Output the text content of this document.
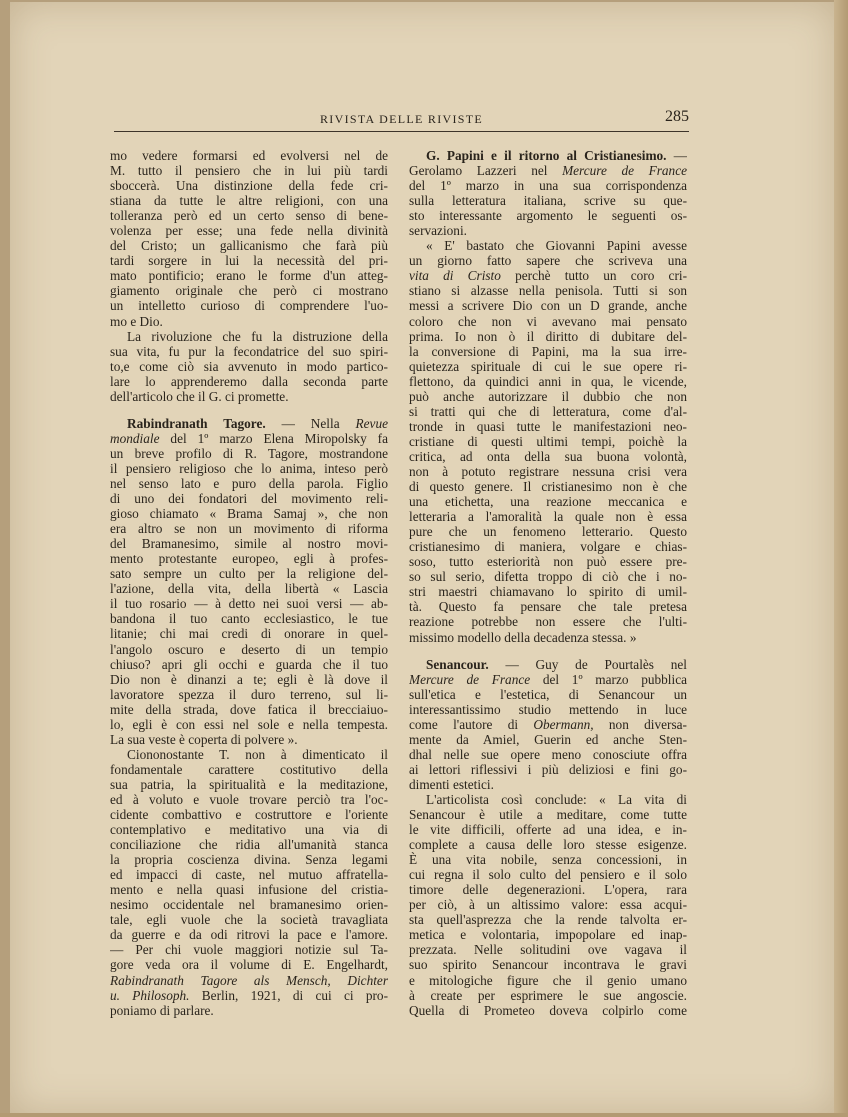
RIVISTA DELLE RIVISTE	285
mo vedere formarsi ed evolversi nel de
M. tutto il pensiero che in lui più tardi
sboccerà. Una distinzione della fede cri-
stiana da tutte le altre religioni, con una
tolleranza però ed un certo senso di bene-
volenza per esse; una fede nella divinità
del Cristo; un gallicanismo che farà più
tardi sorgere in lui la necessità del pri-
mato pontificio; erano le forme d'un atteg-
giamento originale che però ci mostrano
un intelletto curioso di comprendere l'uo-
mo e Dio.
La rivoluzione che fu la distruzione della
sua vita, fu pur la fecondatrice del suo spiri-
to,e come ciò sia avvenuto in modo partico-
lare lo apprenderemo dalla seconda parte
dell'articolo che il G. ci promette.
Rabindranath Tagore. — Nella Revue
mondiale del 1º marzo Elena Miropolsky fa
un breve profilo di R. Tagore, mostrandone
il pensiero religioso che lo anima, inteso però
nel senso lato e puro della parola. Figlio
di uno dei fondatori del movimento reli-
gioso chiamato « Brama Samaj », che non
era altro se non un movimento di riforma
del Bramanesimo, simile al nostro movi-
mento protestante europeo, egli à profes-
sato sempre un culto per la religione del-
l'azione, della vita, della libertà « Lascia
il tuo rosario — à detto nei suoi versi — ab-
bandona il tuo canto ecclesiastico, le tue
litanie; chi mai credi di onorare in quel-
l'angolo oscuro e deserto di un tempio
chiuso? apri gli occhi e guarda che il tuo
Dio non è dinanzi a te; egli è là dove il
lavoratore spezza il duro terreno, sul li-
mite della strada, dove fatica il brecciaiuo-
lo, egli è con essi nel sole e nella tempesta.
La sua veste è coperta di polvere ».
Ciononostante T. non à dimenticato il
fondamentale carattere costitutivo della
sua patria, la spiritualità e la meditazione,
ed à voluto e vuole trovare perciò tra l'oc-
cidente combattivo e costruttore e l'oriente
contemplativo e meditativo una via di
conciliazione che ridia all'umanità stanca
la propria coscienza divina. Senza legami
ed impacci di caste, nel mutuo affratella-
mento e nella quasi infusione del cristia-
nesimo occidentale nel bramanesimo orien-
tale, egli vuole che la società travagliata
da guerre e da odi ritrovi la pace e l'amore.
— Per chi vuole maggiori notizie sul Ta-
gore veda ora il volume di E. Engelhardt,
Rabindranath Tagore als Mensch, Dichter
u. Philosoph. Berlin, 1921, di cui ci pro-
poniamo di parlare.
G. Papini e il ritorno al Cristianesimo. —
Gerolamo Lazzeri nel Mercure de France
del 1º marzo in una sua corrispondenza
sulla letteratura italiana, scrive su que-
sto interessante argomento le seguenti os-
servazioni.
« E' bastato che Giovanni Papini avesse
un giorno fatto sapere che scriveva una
vita di Cristo perchè tutto un coro cri-
stiano si alzasse nella penisola. Tutti si son
messi a scrivere Dio con un D grande, anche
coloro che non vi avevano mai pensato
prima. Io non ò il diritto di dubitare del-
la conversione di Papini, ma la sua irre-
quietezza spirituale di cui le sue opere ri-
flettono, da quindici anni in qua, le vicende,
può anche autorizzare il dubbio che non
si tratti qui che di letteratura, come d'al-
tronde in quasi tutte le manifestazioni neo-
cristiane di questi ultimi tempi, poichè la
critica, ad onta della sua buona volontà,
non à potuto registrare nessuna crisi vera
di questo genere. Il cristianesimo non è che
una etichetta, una reazione meccanica e
letteraria a l'amoralità la quale non è essa
pure che un fenomeno letterario. Questo
cristianesimo di maniera, volgare e chias-
soso, tutto esteriorità non può essere pre-
so sul serio, difetta troppo di ciò che i no-
stri maestri chiamavano lo spirito di umil-
tà. Questo fa pensare che tale pretesa
reazione potrebbe non essere che l'ulti-
missimo modello della decadenza stessa. »
Senancour. — Guy de Pourtalès nel
Mercure de France del 1º marzo pubblica
sull'etica e l'estetica, di Senancour un
interessantissimo studio mettendo in luce
come l'autore di Obermann, non diversa-
mente da Amiel, Guerin ed anche Sten-
dhal nelle sue opere meno conosciute offra
ai lettori riflessivi i più deliziosi e fini go-
dimenti estetici.
L'articolista così conclude: « La vita di
Senancour è utile a meditare, come tutte
le vite difficili, offerte ad una idea, e in-
complete a causa delle loro stesse esigenze.
È una vita nobile, senza concessioni, in
cui regna il solo culto del pensiero e il solo
timore delle degenerazioni. L'opera, rara
per ciò, à un altissimo valore: essa acqui-
sta quell'asprezza che la rende talvolta er-
metica e volontaria, impopolare ed inap-
prezzata. Nelle solitudini ove vagava il
suo spirito Senancour incontrava le gravi
e mitologiche figure che il genio umano
à create per esprimere le sue angoscie.
Quella di Prometeo doveva colpirlo come
